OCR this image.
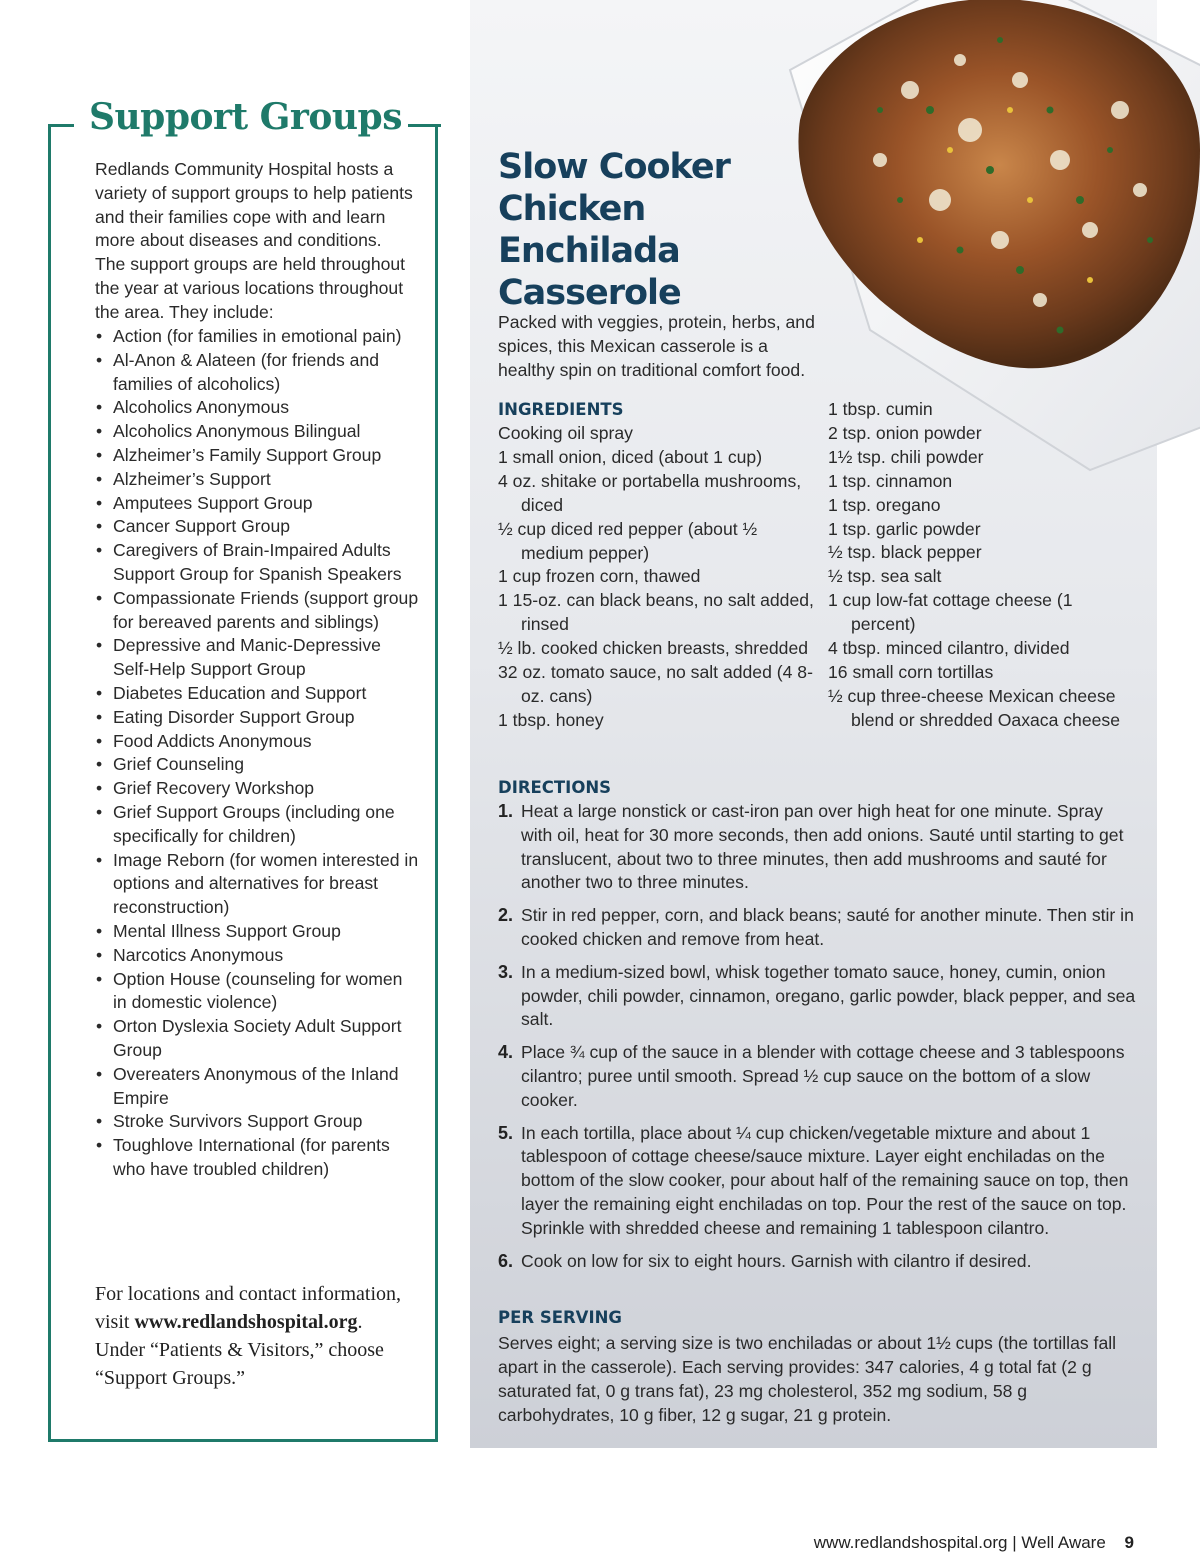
Support Groups

Redlands Community Hospital hosts a variety of support groups to help patients and their families cope with and learn more about diseases and conditions. The support groups are held throughout the year at various locations throughout the area. They include:

• Action (for families in emotional pain)
• Al-Anon & Alateen (for friends and families of alcoholics)
• Alcoholics Anonymous
• Alcoholics Anonymous Bilingual
• Alzheimer’s Family Support Group
• Alzheimer’s Support
• Amputees Support Group
• Cancer Support Group
• Caregivers of Brain-Impaired Adults Support Group for Spanish Speakers
• Compassionate Friends (support group for bereaved parents and siblings)
• Depressive and Manic-Depressive Self-Help Support Group
• Diabetes Education and Support
• Eating Disorder Support Group
• Food Addicts Anonymous
• Grief Counseling
• Grief Recovery Workshop
• Grief Support Groups (including one specifically for children)
• Image Reborn (for women interested in options and alternatives for breast reconstruction)
• Mental Illness Support Group
• Narcotics Anonymous
• Option House (counseling for women in domestic violence)
• Orton Dyslexia Society Adult Support Group
• Overeaters Anonymous of the Inland Empire
• Stroke Survivors Support Group
• Toughlove International (for parents who have troubled children)

For locations and contact information, visit www.redlandshospital.org. Under “Patients & Visitors,” choose “Support Groups.”

Slow Cooker
Chicken Enchilada
Casserole

Packed with veggies, protein, herbs, and spices, this Mexican casserole is a healthy spin on traditional comfort food.

INGREDIENTS
Cooking oil spray
1 small onion, diced (about 1 cup)
4 oz. shitake or portabella mushrooms, diced
½ cup diced red pepper (about ½ medium pepper)
1 cup frozen corn, thawed
1 15-oz. can black beans, no salt added, rinsed
½ lb. cooked chicken breasts, shredded
32 oz. tomato sauce, no salt added (4 8-oz. cans)
1 tbsp. honey
1 tbsp. cumin
2 tsp. onion powder
1½ tsp. chili powder
1 tsp. cinnamon
1 tsp. oregano
1 tsp. garlic powder
½ tsp. black pepper
½ tsp. sea salt
1 cup low-fat cottage cheese (1 percent)
4 tbsp. minced cilantro, divided
16 small corn tortillas
½ cup three-cheese Mexican cheese blend or shredded Oaxaca cheese
DIRECTIONS
1. Heat a large nonstick or cast-iron pan over high heat for one minute. Spray with oil, heat for 30 more seconds, then add onions. Sauté until starting to get translucent, about two to three minutes, then add mushrooms and sauté for another two to three minutes.
2. Stir in red pepper, corn, and black beans; sauté for another minute. Then stir in cooked chicken and remove from heat.
3. In a medium-sized bowl, whisk together tomato sauce, honey, cumin, onion powder, chili powder, cinnamon, oregano, garlic powder, black pepper, and sea salt.
4. Place ¾ cup of the sauce in a blender with cottage cheese and 3 tablespoons cilantro; puree until smooth. Spread ½ cup sauce on the bottom of a slow cooker.
5. In each tortilla, place about ¼ cup chicken/vegetable mixture and about 1 tablespoon of cottage cheese/sauce mixture. Layer eight enchiladas on the bottom of the slow cooker, pour about half of the remaining sauce on top, then layer the remaining eight enchiladas on top. Pour the rest of the sauce on top. Sprinkle with shredded cheese and remaining 1 tablespoon cilantro.
6. Cook on low for six to eight hours. Garnish with cilantro if desired.
PER SERVING

Serves eight; a serving size is two enchiladas or about 1½ cups (the tortillas fall apart in the casserole). Each serving provides: 347 calories, 4 g total fat (2 g saturated fat, 0 g trans fat), 23 mg cholesterol, 352 mg sodium, 58 g carbohydrates, 10 g fiber, 12 g sugar, 21 g protein.

www.redlandshospital.org | Well Aware 9
